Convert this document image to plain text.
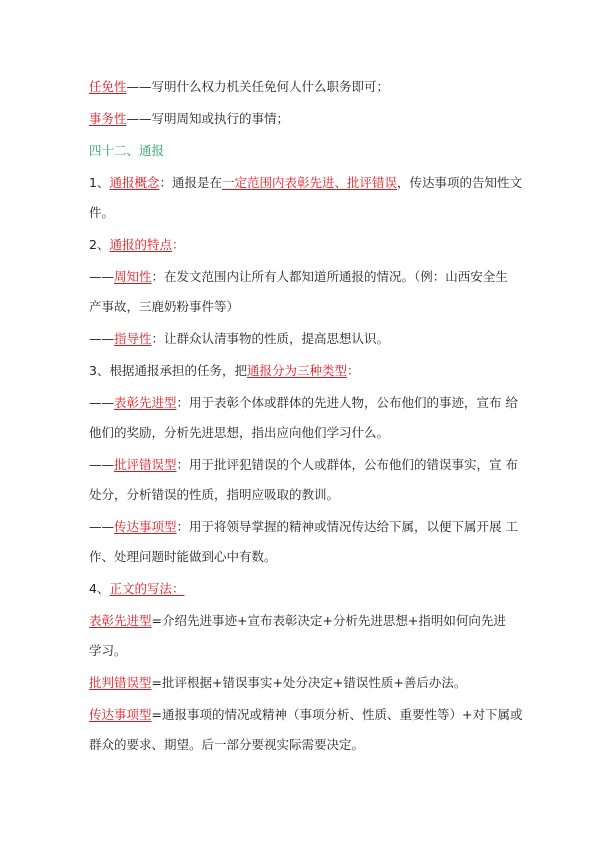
任免性——写明什么权力机关任免何人什么职务即可；
事务性——写明周知或执行的事情；
四十二、通报
1、通报概念：通报是在一定范围内表彰先进、批评错误，传达事项的告知性文
件。
2、通报的特点：
——周知性：在发文范围内让所有人都知道所通报的情况。（例：山西安全生
产事故，三鹿奶粉事件等）
——指导性：让群众认清事物的性质，提高思想认识。
3、根据通报承担的任务，把通报分为三种类型：
——表彰先进型：用于表彰个体或群体的先进人物，公布他们的事迹，宣布 给
他们的奖励，分析先进思想，指出应向他们学习什么。
——批评错误型：用于批评犯错误的个人或群体，公布他们的错误事实，宣 布
处分，分析错误的性质，指明应吸取的教训。
——传达事项型：用于将领导掌握的精神或情况传达给下属，以便下属开展 工
作、处理问题时能做到心中有数。
4、正文的写法：
表彰先进型=介绍先进事迹+宣布表彰决定+分析先进思想+指明如何向先进
学习。
批判错误型=批评根据+错误事实+处分决定+错误性质+善后办法。
传达事项型=通报事项的情况或精神（事项分析、性质、重要性等）+对下属或
群众的要求、期望。后一部分要视实际需要决定。
